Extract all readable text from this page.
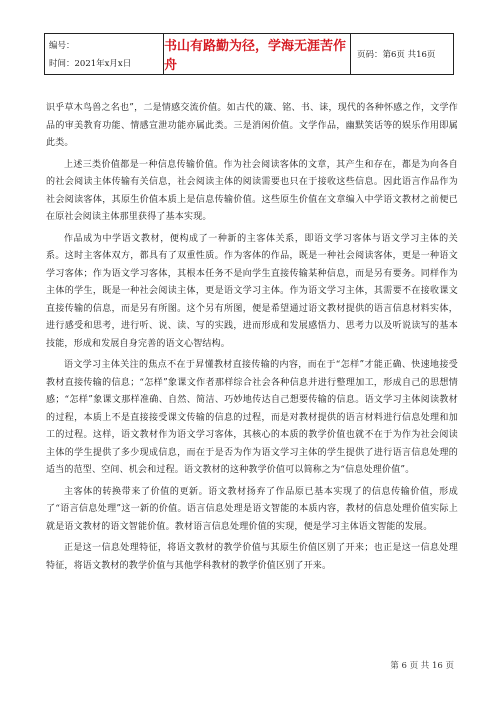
编号：
时间：2021年x月x日
书山有路勤为径，学海无涯苦作舟
页码：第6页 共16页

识乎草木鸟兽之名也”，二是情感交流价值。如古代的箴、铭、书、诔，现代的各种怀感之作，文学作品的审美教育功能、情感宣泄功能亦属此类。三是消闲价值。文学作品，幽默笑话等的娱乐作用即属此类。

上述三类价值都是一种信息传输价值。作为社会阅读客体的文章，其产生和存在，都是为向各自的社会阅读主体传输有关信息，社会阅读主体的阅读需要也只在于接收这些信息。因此语言作品作为社会阅读客体，其原生价值本质上是信息传输价值。这些原生价值在文章编入中学语文教材之前便已在原社会阅读主体那里获得了基本实现。

作品成为中学语文教材，便构成了一种新的主客体关系，即语文学习客体与语文学习主体的关系。这时主客体双方，都具有了双重性质。作为客体的作品，既是一种社会阅读客体，更是一种语文学习客体；作为语文学习客体，其根本任务不是向学生直接传输某种信息，而是另有要务。同样作为主体的学生，既是一种社会阅读主体，更是语文学习主体。作为语文学习主体，其需要不在接收课文直接传输的信息，而是另有所图。这个另有所图，便是希望通过语文教材提供的语言信息材料实体，进行感受和思考，进行听、说、读、写的实践，进而形成和发展感悟力、思考力以及听说读写的基本技能，形成和发展自身完善的语文心智结构。

语文学习主体关注的焦点不在于昇懂教材直接传输的内容，而在于“怎样”才能正确、快速地接受教材直接传输的信息；“怎样”象课文作者那样综合社会各种信息并进行整理加工，形成自己的思想情感；“怎样”象课文那样准确、自然、简洁、巧妙地传达自己想要传输的信息。语文学习主体阅读教材的过程，本质上不是直接接受课文传输的信息的过程，而是对教材提供的语言材料进行信息处理和加工的过程。这样，语文教材作为语文学习客体，其核心的本质的教学价值也就不在于为作为社会阅读主体的学生提供了多少现成信息，而在于是否为作为语文学习主体的学生提供了进行语言信息处理的适当的范型、空间、机会和过程。语文教材的这种教学价值可以简称之为“信息处理价值”。

主客体的转换带来了价值的更新。语文教材扬弃了作品原已基本实现了的信息传输价值，形成了“语言信息处理”这一新的价值。语言信息处理是语文智能的本质内容，教材的信息处理价值实际上就是语文教材的语文智能价值。教材语言信息处理价值的实现，便是学习主体语文智能的发展。

正是这一信息处理特征，将语文教材的教学价值与其原生价值区别了开来；也正是这一信息处理特征，将语文教材的教学价值与其他学科教材的教学价值区别了开来。

第 6 页 共 16 页
